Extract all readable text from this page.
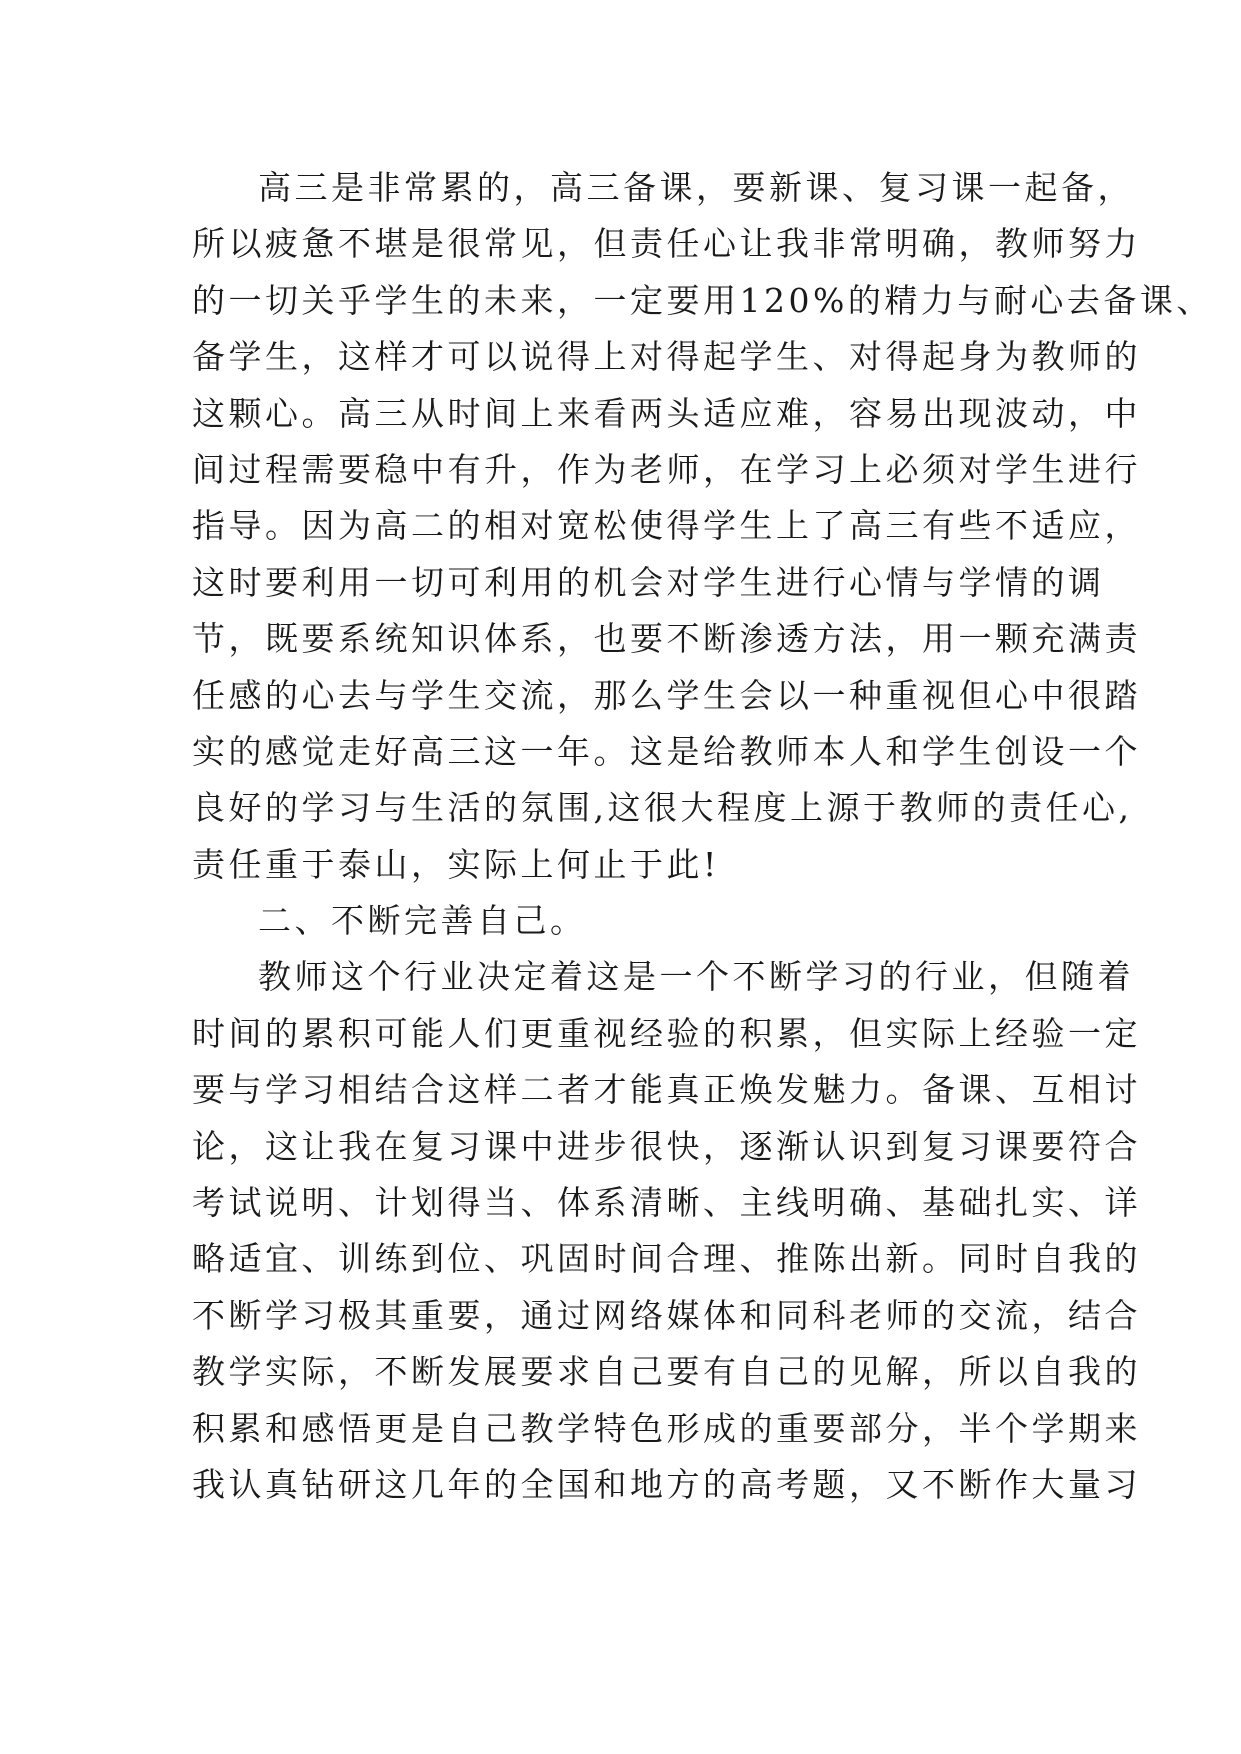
高三是非常累的，高三备课，要新课、复习课一起备，
所以疲惫不堪是很常见，但责任心让我非常明确，教师努力
的一切关乎学生的未来，一定要用120%的精力与耐心去备课、
备学生，这样才可以说得上对得起学生、对得起身为教师的
这颗心。高三从时间上来看两头适应难，容易出现波动，中
间过程需要稳中有升，作为老师，在学习上必须对学生进行
指导。因为高二的相对宽松使得学生上了高三有些不适应，
这时要利用一切可利用的机会对学生进行心情与学情的调
节，既要系统知识体系，也要不断渗透方法，用一颗充满责
任感的心去与学生交流，那么学生会以一种重视但心中很踏
实的感觉走好高三这一年。这是给教师本人和学生创设一个
良好的学习与生活的氛围,这很大程度上源于教师的责任心,
责任重于泰山，实际上何止于此!
二、不断完善自己。
教师这个行业决定着这是一个不断学习的行业，但随着
时间的累积可能人们更重视经验的积累，但实际上经验一定
要与学习相结合这样二者才能真正焕发魅力。备课、互相讨
论，这让我在复习课中进步很快，逐渐认识到复习课要符合
考试说明、计划得当、体系清晰、主线明确、基础扎实、详
略适宜、训练到位、巩固时间合理、推陈出新。同时自我的
不断学习极其重要，通过网络媒体和同科老师的交流，结合
教学实际，不断发展要求自己要有自己的见解，所以自我的
积累和感悟更是自己教学特色形成的重要部分，半个学期来
我认真钻研这几年的全国和地方的高考题，又不断作大量习
